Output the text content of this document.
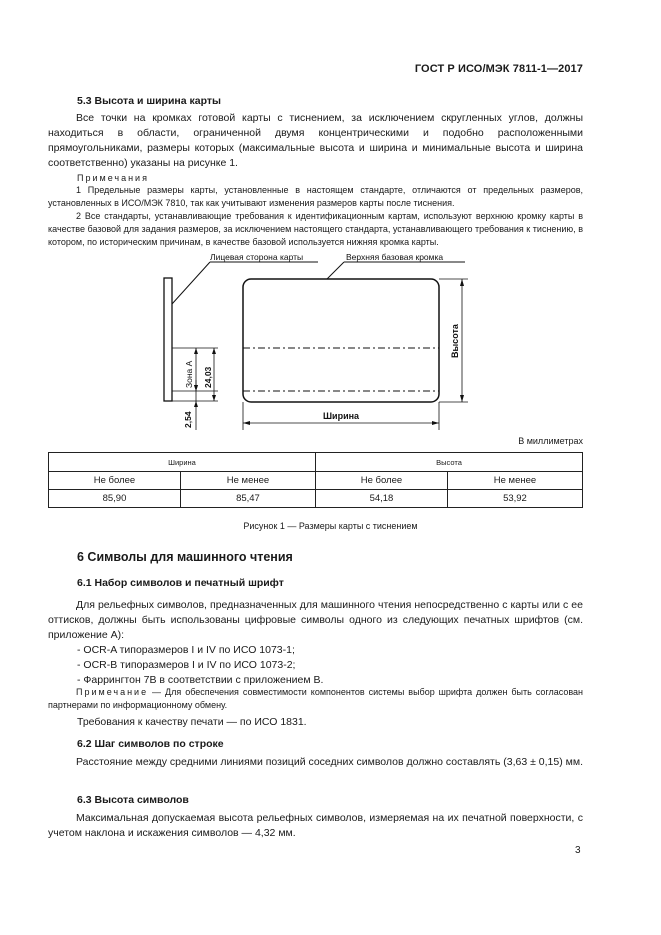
ГОСТ Р ИСО/МЭК 7811-1—2017
5.3 Высота и ширина карты
Все точки на кромках готовой карты с тиснением, за исключением скругленных углов, должны находиться в области, ограниченной двумя концентрическими и подобно расположенными прямоугольниками, размеры которых (максимальные высота и ширина и минимальные высота и ширина соответственно) указаны на рисунке 1.
Примечания
1 Предельные размеры карты, установленные в настоящем стандарте, отличаются от предельных размеров, установленных в ИСО/МЭК 7810, так как учитывают изменения размеров карты после тиснения.
2 Все стандарты, устанавливающие требования к идентификационным картам, используют верхнюю кромку карты в качестве базовой для задания размеров, за исключением настоящего стандарта, устанавливающего требования к тиснению, в котором, по историческим причинам, в качестве базовой используется нижняя кромка карты.
Лицевая сторона карты	Верхняя базовая кромка
Зона А 24,03
2,54
Высота
Ширина
В миллиметрах
Ширина		Высота	
Не более	Не менее	Не более	Не менее
85,90	85,47	54,18	53,92
Рисунок 1 — Размеры карты с тиснением
6 Символы для машинного чтения
6.1 Набор символов и печатный шрифт
Для рельефных символов, предназначенных для машинного чтения непосредственно с карты или с ее оттисков, должны быть использованы цифровые символы одного из следующих печатных шрифтов (см. приложение А):
- OCR-A типоразмеров I и IV по ИСО 1073-1;
- OCR-B типоразмеров I и IV по ИСО 1073-2;
- Фаррингтон 7B в соответствии с приложением В.
Примечание — Для обеспечения совместимости компонентов системы выбор шрифта должен быть согласован партнерами по информационному обмену.
Требования к качеству печати — по ИСО 1831.
6.2 Шаг символов по строке
Расстояние между средними линиями позиций соседних символов должно составлять (3,63 ± 0,15) мм.
6.3 Высота символов
Максимальная допускаемая высота рельефных символов, измеряемая на их печатной поверхности, с учетом наклона и искажения символов — 4,32 мм.
3
